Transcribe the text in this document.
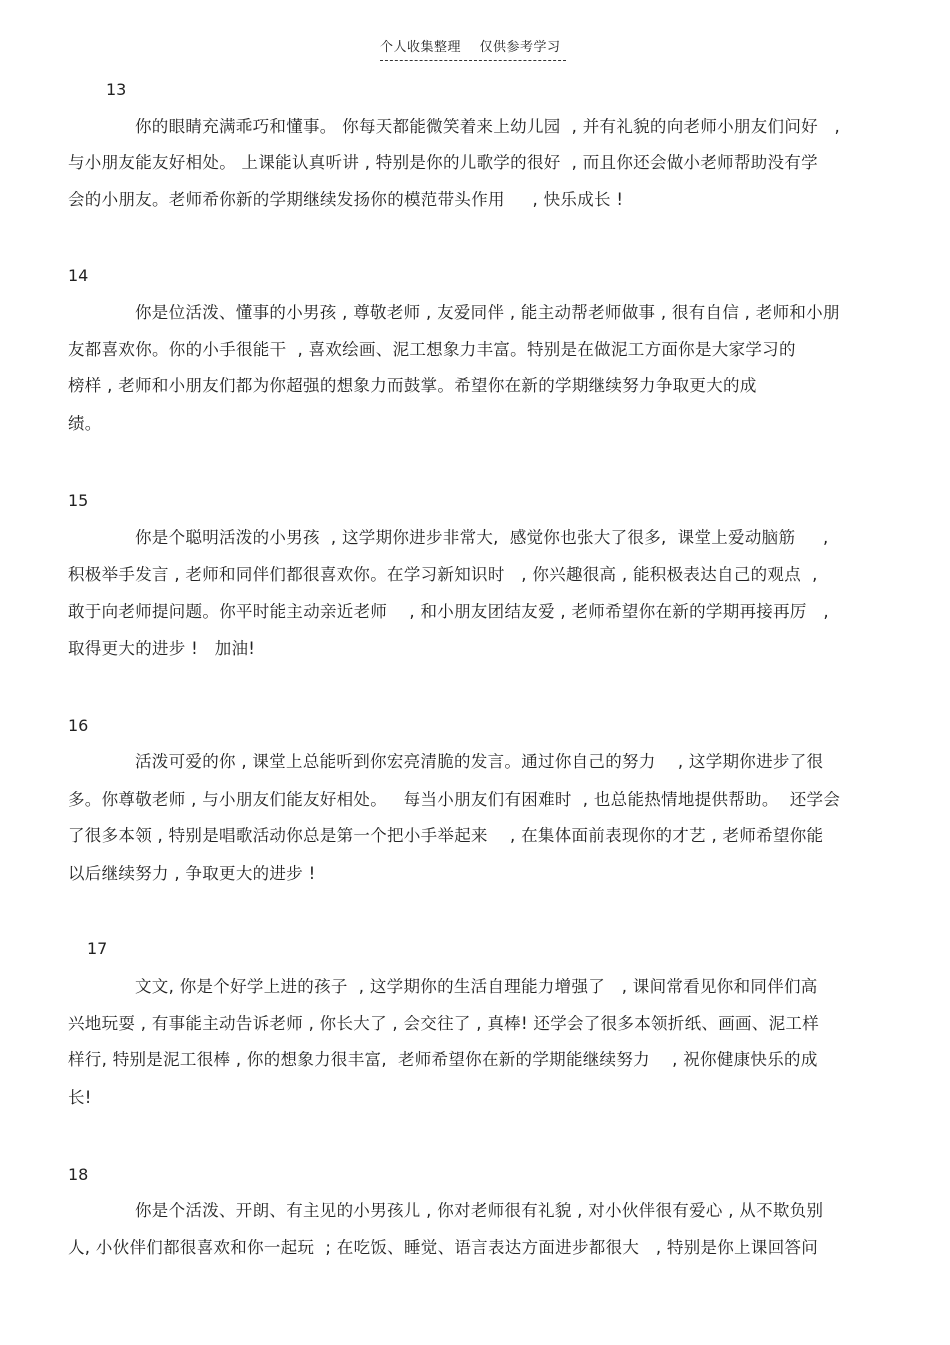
个人收集整理    仅供参考学习
13
你的眼睛充满乖巧和懂事。 你每天都能微笑着来上幼儿园  , 并有礼貌的向老师小朋友们问好   ,
与小朋友能友好相处。 上课能认真听讲 , 特别是你的儿歌学的很好  , 而且你还会做小老师帮助没有学
会的小朋友。老师希你新的学期继续发扬你的模范带头作用     , 快乐成长 !
14
你是位活泼、懂事的小男孩 , 尊敬老师 , 友爱同伴 , 能主动帮老师做事 , 很有自信 , 老师和小朋
友都喜欢你。你的小手很能干  , 喜欢绘画、泥工想象力丰富。特别是在做泥工方面你是大家学习的
榜样 , 老师和小朋友们都为你超强的想象力而鼓掌。希望你在新的学期继续努力争取更大的成
绩。
15
你是个聪明活泼的小男孩  , 这学期你进步非常大,  感觉你也张大了很多,  课堂上爱动脑筋     ,
积极举手发言 , 老师和同伴们都很喜欢你。在学习新知识时   , 你兴趣很高 , 能积极表达自己的观点  ,
敢于向老师提问题。你平时能主动亲近老师    , 和小朋友团结友爱 , 老师希望你在新的学期再接再厉   ,
取得更大的进步 !   加油!
16
活泼可爱的你 , 课堂上总能听到你宏亮清脆的发言。通过你自己的努力    , 这学期你进步了很
多。你尊敬老师 , 与小朋友们能友好相处。   每当小朋友们有困难时  , 也总能热情地提供帮助。  还学会
了很多本领 , 特别是唱歌活动你总是第一个把小手举起来    , 在集体面前表现你的才艺 , 老师希望你能
以后继续努力 , 争取更大的进步 !
17
文文, 你是个好学上进的孩子  , 这学期你的生活自理能力增强了   , 课间常看见你和同伴们高
兴地玩耍 , 有事能主动告诉老师 , 你长大了 , 会交往了 , 真棒! 还学会了很多本领折纸、画画、泥工样
样行, 特别是泥工很棒 , 你的想象力很丰富,  老师希望你在新的学期能继续努力    , 祝你健康快乐的成
长!
18
你是个活泼、开朗、有主见的小男孩儿 , 你对老师很有礼貌 , 对小伙伴很有爱心 , 从不欺负别
人, 小伙伴们都很喜欢和你一起玩  ; 在吃饭、睡觉、语言表达方面进步都很大   , 特别是你上课回答问
